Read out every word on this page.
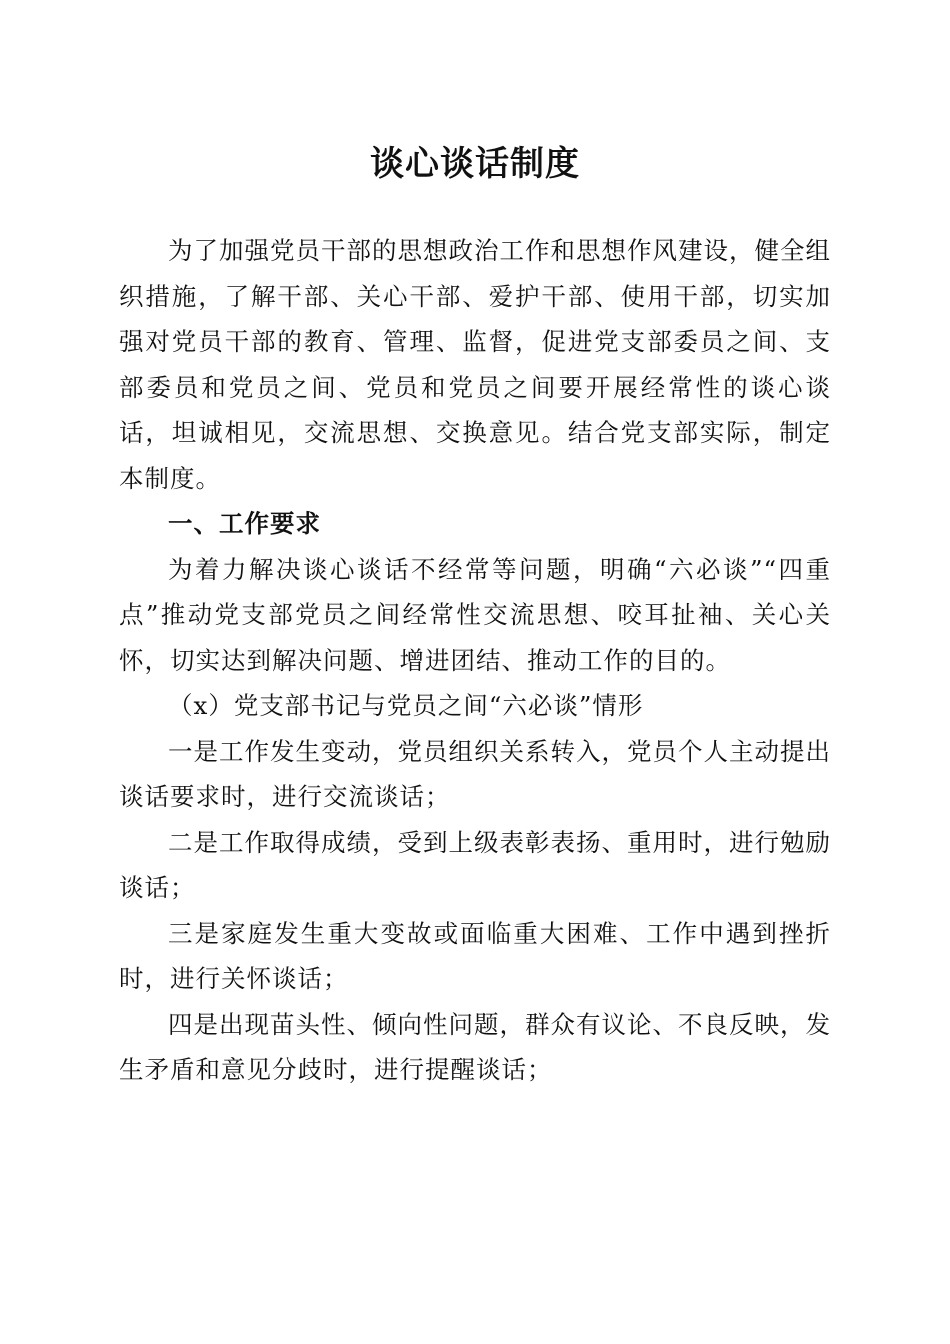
谈心谈话制度

为了加强党员干部的思想政治工作和思想作风建设，健全组织措施，了解干部、关心干部、爱护干部、使用干部，切实加强对党员干部的教育、管理、监督，促进党支部委员之间、支部委员和党员之间、党员和党员之间要开展经常性的谈心谈话，坦诚相见，交流思想、交换意见。结合党支部实际，制定本制度。

一、工作要求

为着力解决谈心谈话不经常等问题，明确“六必谈”“四重点”推动党支部党员之间经常性交流思想、咬耳扯袖、关心关怀，切实达到解决问题、增进团结、推动工作的目的。

（x）党支部书记与党员之间“六必谈”情形

一是工作发生变动，党员组织关系转入，党员个人主动提出谈话要求时，进行交流谈话；

二是工作取得成绩，受到上级表彰表扬、重用时，进行勉励谈话；

三是家庭发生重大变故或面临重大困难、工作中遇到挫折时，进行关怀谈话；

四是出现苗头性、倾向性问题，群众有议论、不良反映，发生矛盾和意见分歧时，进行提醒谈话；
